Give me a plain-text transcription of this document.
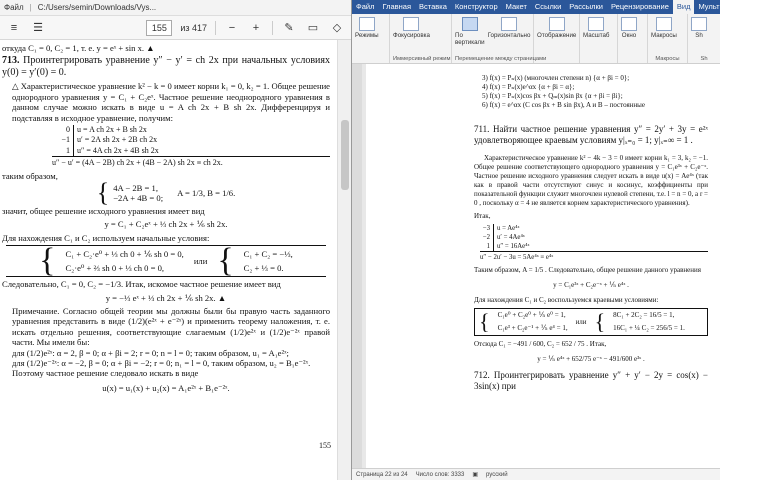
Файл | C:/Users/semin/Downloads/Vys...
≡	☰	155	из 417	−	+	✎	▭	◇

откуда C₁ = 0, C₂ = 1, т. е. y = eˣ + sin x. ▲

713. Проинтегрировать уравнение y″ − y′ = ch 2x при начальных условиях y(0) = y′(0) = 0.

△ Характеристическое уравнение k² − k = 0 имеет корни k₁ = 0, k₂ = 1. Общее решение однородного уравнения y = C₁ + C₂eˣ. Частное решение неоднородного уравнения в данном случае можно искать в виде u = A ch 2x + B sh 2x. Дифференцируя и подставляя в исходное уравнение, получим:

0 u = A ch 2x + B sh 2x
−1 u′ = 2A sh 2x + 2B ch 2x
1 u″ = 4A ch 2x + 4B sh 2x
u″ − u′ = (4A − 2B) ch 2x + (4B − 2A) sh 2x ≡ ch 2x.

таким образом,

{ 4A − 2B = 1,
−2A + 4B = 0;
A = 1/3, B = 1/6.

значит, общее решение исходного уравнения имеет вид

y = C₁ + C₂eˣ + ⅓ ch 2x + ⅙ sh 2x.

Для нахождения C₁ и C₂ используем начальные условия:

{ C₁ + C₂·e⁰ + ⅓ ch 0 + ⅙ sh 0 = 0,
C₂·e⁰ + ⅔ sh 0 + ⅓ ch 0 = 0,
или { C₁ + C₂ = −⅓,
C₂ + ⅓ = 0.

Следовательно, C₁ = 0, C₂ = −1/3. Итак, искомое частное решение имеет вид

y = −⅓ eˣ + ⅓ ch 2x + ⅙ sh 2x. ▲

Примечание. Согласно общей теории мы должны были бы правую часть заданного уравнения представить в виде (1/2)(e²ˣ + e⁻²ˣ) и применить теорему наложения, т. е. искать отдельно решения, соответствующие слагаемым (1/2)e²ˣ и (1/2)e⁻²ˣ правой части. Мы имели бы:

для (1/2)e²ˣ: α = 2, β = 0; α + βi = 2; r = 0; n = l = 0; таким образом, u₁ = A₁e²ˣ;

для (1/2)e⁻²ˣ: α = −2, β = 0; α + βi = −2; r = 0; n₁ = l = 0, таким образом, u₂ = B₁e⁻²ˣ.

Поэтому частное решение следовало искать в виде

u(x) = u₁(x) + u₂(x) = A₁e²ˣ + B₁e⁻²ˣ.

155
Файл	Главная	Вставка	Конструктор	Макет	Ссылки	Рассылки	Рецензирование	Вид	Мультитр	Справка
Режимы Фокусировка
Иммерсивный режим
По вертикали
Горизонтально
Перемещение между страницами
Отображение Масштаб Окно Макросы
Макросы
Sh
Sh

3) f(x) = Pₙ(x) (многочлен степени n) {α + βi = 0};

4) f(x) = Pₙ(x)e^αx {α + βi = α};

5) f(x) = Pₙ(x)cos βx + Qₘ(x)sin βx {α + βi = βi};

6) f(x) = e^αx (C cos βx + B sin βx), A и B – постоянные

711. Найти частное решение уравнения y″ = 2y′ + 3y = e²ˣ удовлетворяющее краевым условиям y|ₓ₌₀ = 1; y|ₓ₌∞ = 1 .

Характеристическое уравнение k² − 4k − 3 = 0 имеет корни k₁ = 3, k₂ = −1. Общее решение соответствующего однородного уравнения y = C₁e³ˣ + C₂e⁻ˣ. Частное решение исходного уравнения следует искать в виде u(x) = Ae⁴ˣ (так как в правой части отсутствуют синус и косинус, коэффициенты при показательной функции служит многочлен нулевой степени, т.е. l = n = 0, а r = 0 , поскольку α = 4 не является корнем характеристического уравнения).

Итак,

−3	u = Ae⁴ˣ
−2	u′ = 4Ae⁴ˣ
1	u″ = 16Ae⁴ˣ
u″ − 2u′ − 3u = 5Ae⁴ˣ ≡ e⁴ˣ

Таким образом, A = 1/5 . Следовательно, общее решение данного уравнения

y = C₁e³ˣ + C₂e⁻ˣ + ⅕ e⁴ˣ .

Для нахождения C₁ и C₂ воспользуемся краевыми условиями:

{ C₁e⁰ + C₂e⁰ + ⅕ e⁰ = 1,
C₁e³ + C₂e⁻¹ + ⅕ e⁴ = 1,
или { 8C₁ + 2C₂ = 16/5 = 1,
16C₁ + ¼ C₂ = 256/5 = 1.

Отсюда C₁ = −491 / 600, C₂ = 652 / 75 . Итак,

y = ⅕ e⁴ˣ + 652/75 e⁻ˣ − 491/600 e³ˣ .

712. Проинтегрировать уравнение y″ + y′ − 2y = cos(x) − 3sin(x) при

Страница 22 из 24 Число слов: 3333 ▣ русский
